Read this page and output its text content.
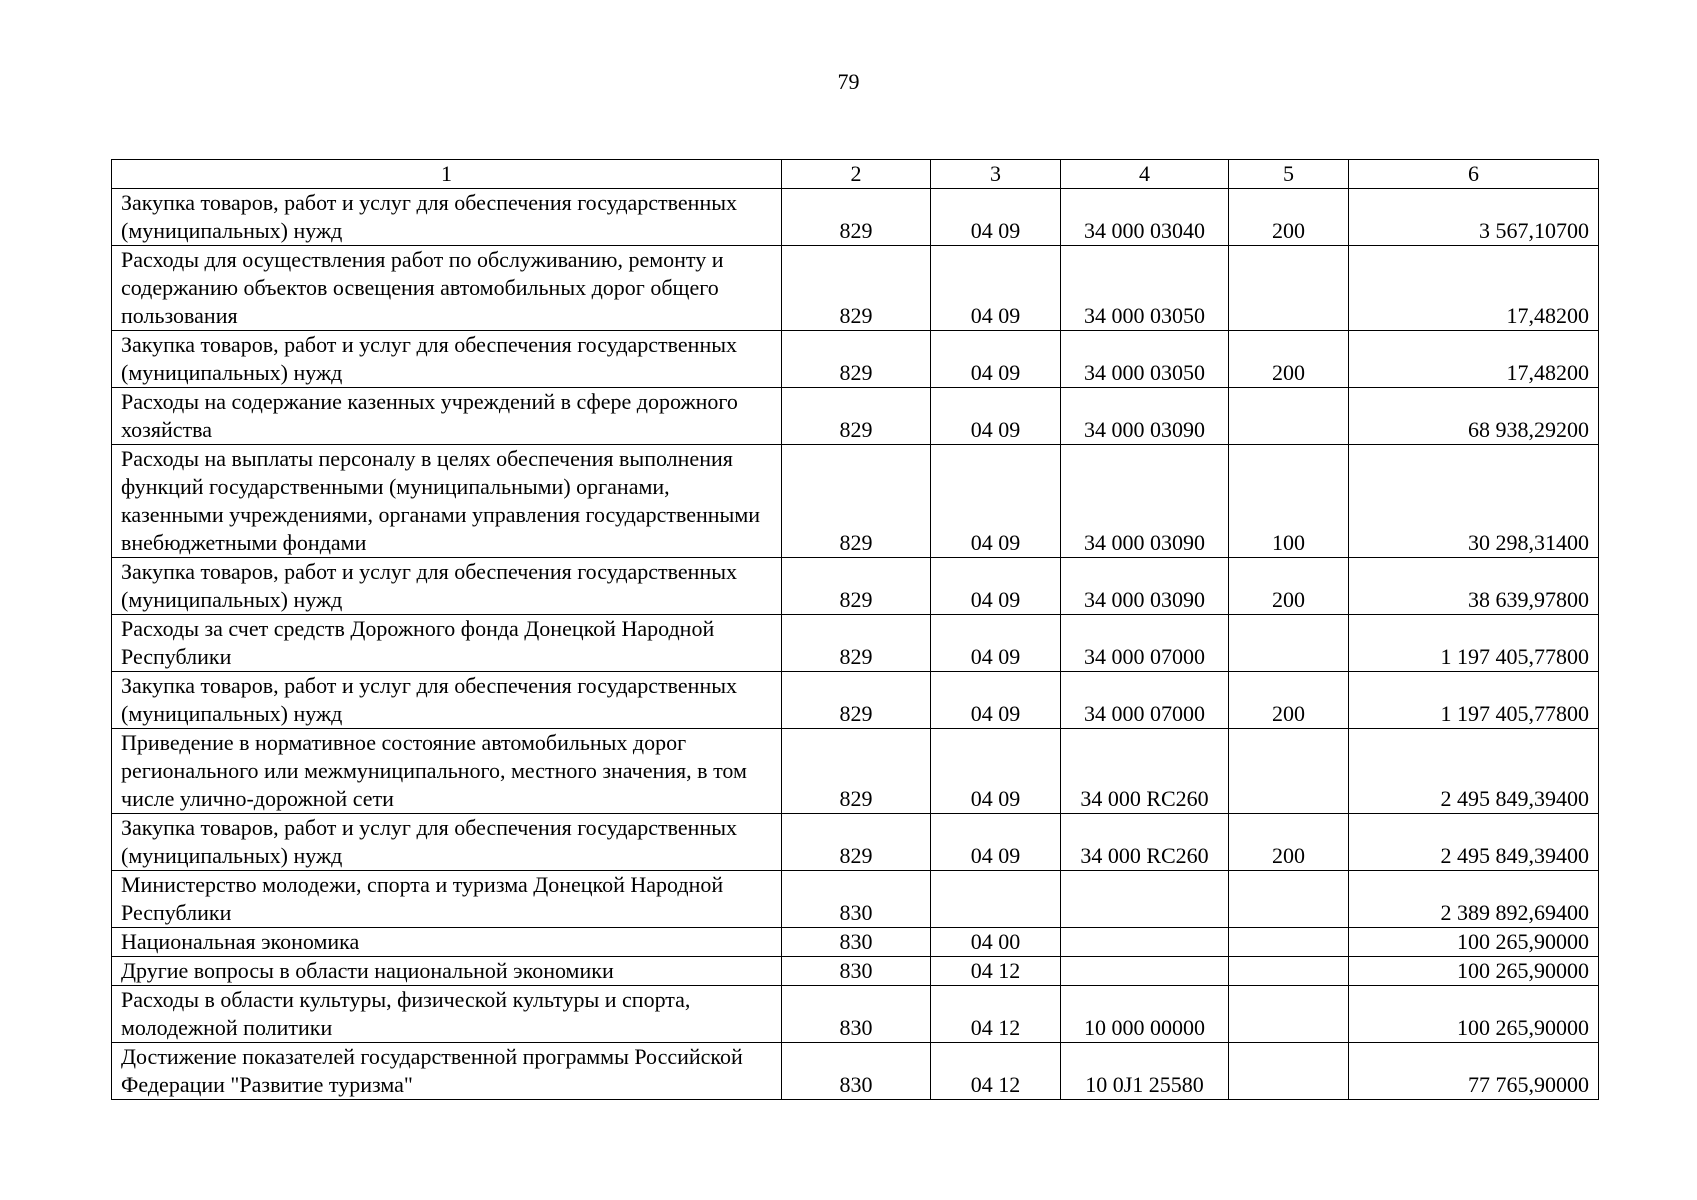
79
1	2	3	4	5	6
Закупка товаров, работ и услуг для обеспечения государственных (муниципальных) нужд	829	04 09	34 000 03040	200	3 567,10700
Расходы для осуществления работ по обслуживанию, ремонту и содержанию объектов освещения автомобильных дорог общего пользования	829	04 09	34 000 03050		17,48200
Закупка товаров, работ и услуг для обеспечения государственных (муниципальных) нужд	829	04 09	34 000 03050	200	17,48200
Расходы на содержание казенных учреждений в сфере дорожного хозяйства	829	04 09	34 000 03090		68 938,29200
Расходы на выплаты персоналу в целях обеспечения выполнения функций государственными (муниципальными) органами, казенными учреждениями, органами управления государственными внебюджетными фондами	829	04 09	34 000 03090	100	30 298,31400
Закупка товаров, работ и услуг для обеспечения государственных (муниципальных) нужд	829	04 09	34 000 03090	200	38 639,97800
Расходы за счет средств Дорожного фонда Донецкой Народной Республики	829	04 09	34 000 07000		1 197 405,77800
Закупка товаров, работ и услуг для обеспечения государственных (муниципальных) нужд	829	04 09	34 000 07000	200	1 197 405,77800
Приведение в нормативное состояние автомобильных дорог регионального или межмуниципального, местного значения, в том числе улично-дорожной сети	829	04 09	34 000 RC260		2 495 849,39400
Закупка товаров, работ и услуг для обеспечения государственных (муниципальных) нужд	829	04 09	34 000 RC260	200	2 495 849,39400
Министерство молодежи, спорта и туризма Донецкой Народной Республики	830				2 389 892,69400
Национальная экономика	830	04 00			100 265,90000
Другие вопросы в области национальной экономики	830	04 12			100 265,90000
Расходы в области культуры, физической культуры и спорта, молодежной политики	830	04 12	10 000 00000		100 265,90000
Достижение показателей государственной программы Российской Федерации "Развитие туризма"	830	04 12	10 0J1 25580		77 765,90000
